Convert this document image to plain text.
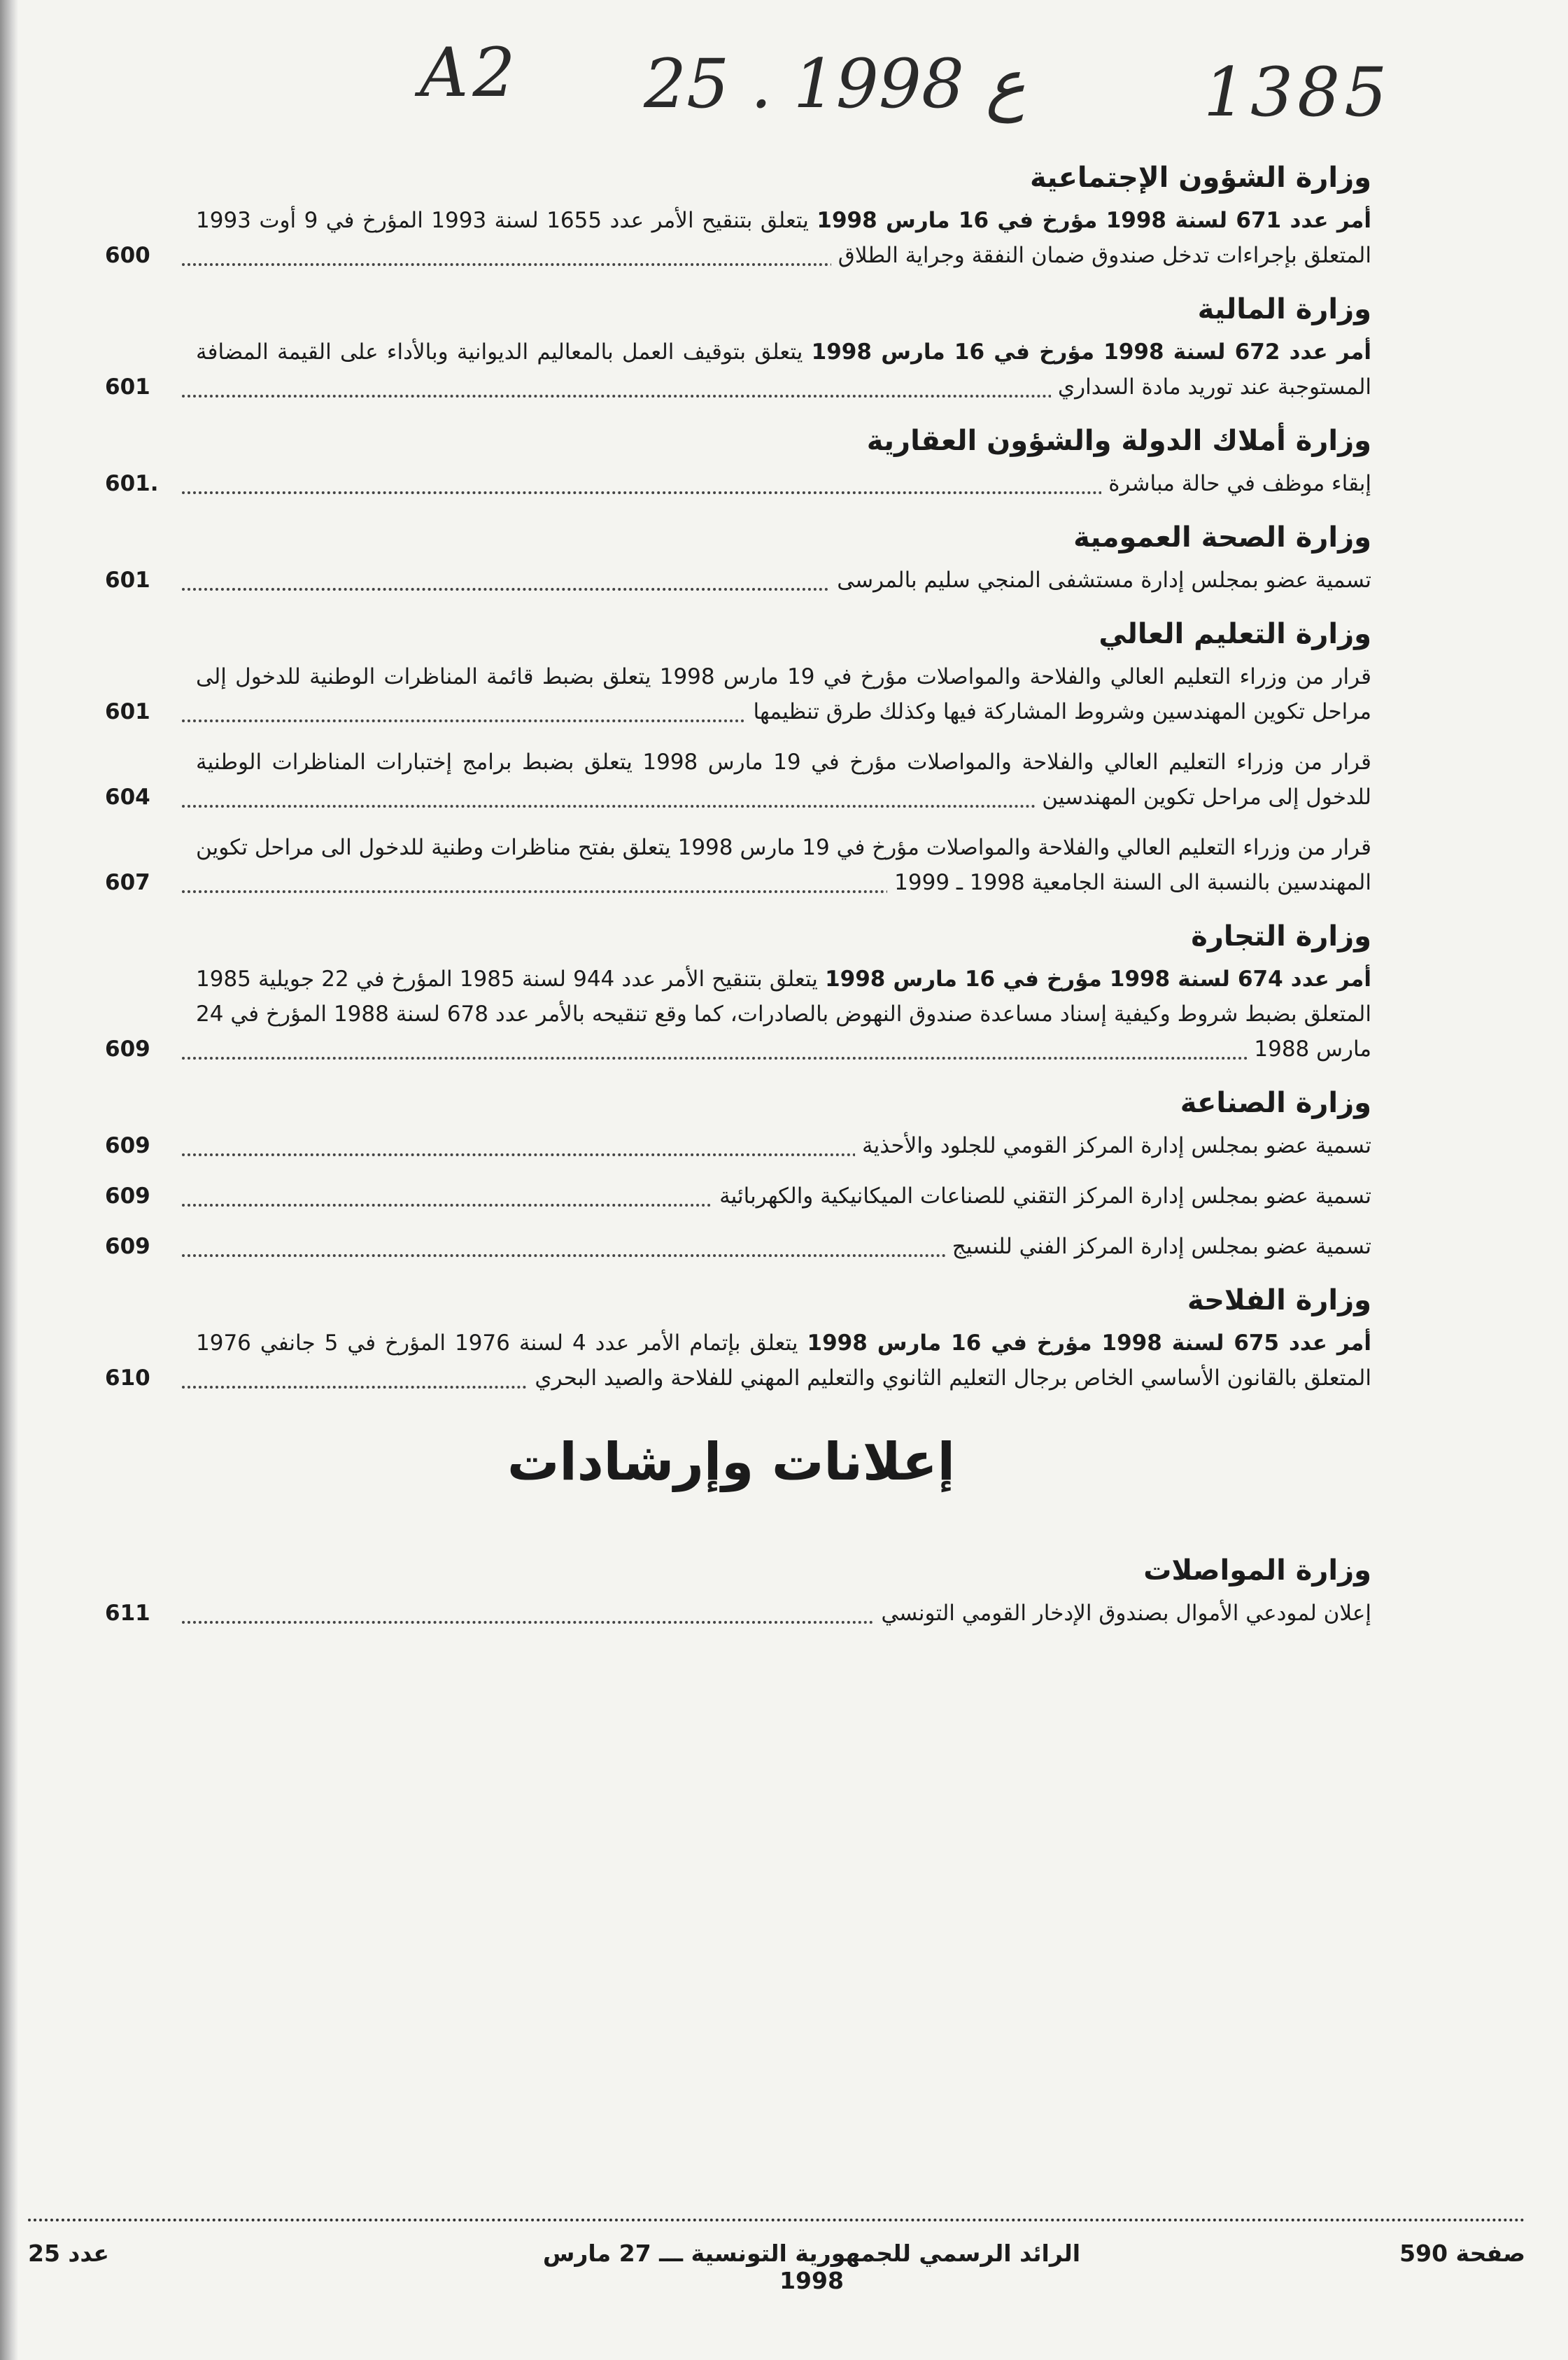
A2 25 . ع 1998	1385
وزارة الشؤون الإجتماعية
أمر عدد 671 لسنة 1998 مؤرخ في 16 مارس 1998 يتعلق بتنقيح الأمر عدد 1655 لسنة 1993 المؤرخ في 9 أوت 1993 المتعلق بإجراءات تدخل صندوق ضمان النفقة وجراية الطلاق
600
وزارة المالية
أمر عدد 672 لسنة 1998 مؤرخ في 16 مارس 1998 يتعلق بتوقيف العمل بالمعاليم الديوانية وبالأداء على القيمة المضافة المستوجبة عند توريد مادة السداري
601
وزارة أملاك الدولة والشؤون العقارية
إبقاء موظف في حالة مباشرة
601.
وزارة الصحة العمومية
تسمية عضو بمجلس إدارة مستشفى المنجي سليم بالمرسى
601
وزارة التعليم العالي
قرار من وزراء التعليم العالي والفلاحة والمواصلات مؤرخ في 19 مارس 1998 يتعلق بضبط قائمة المناظرات الوطنية للدخول إلى مراحل تكوين المهندسين وشروط المشاركة فيها وكذلك طرق تنظيمها
601
قرار من وزراء التعليم العالي والفلاحة والمواصلات مؤرخ في 19 مارس 1998 يتعلق بضبط برامج إختبارات المناظرات الوطنية للدخول إلى مراحل تكوين المهندسين
604
قرار من وزراء التعليم العالي والفلاحة والمواصلات مؤرخ في 19 مارس 1998 يتعلق بفتح مناظرات وطنية للدخول الى مراحل تكوين المهندسين بالنسبة الى السنة الجامعية 1998 ـ 1999
607
وزارة التجارة
أمر عدد 674 لسنة 1998 مؤرخ في 16 مارس 1998 يتعلق بتنقيح الأمر عدد 944 لسنة 1985 المؤرخ في 22 جويلية 1985 المتعلق بضبط شروط وكيفية إسناد مساعدة صندوق النهوض بالصادرات، كما وقع تنقيحه بالأمر عدد 678 لسنة 1988 المؤرخ في 24 مارس 1988
609
وزارة الصناعة
تسمية عضو بمجلس إدارة المركز القومي للجلود والأحذية
609
تسمية عضو بمجلس إدارة المركز التقني للصناعات الميكانيكية والكهربائية
609
تسمية عضو بمجلس إدارة المركز الفني للنسيج
609
وزارة الفلاحة
أمر عدد 675 لسنة 1998 مؤرخ في 16 مارس 1998 يتعلق بإتمام الأمر عدد 4 لسنة 1976 المؤرخ في 5 جانفي 1976 المتعلق بالقانون الأساسي الخاص برجال التعليم الثانوي والتعليم المهني للفلاحة والصيد البحري
610
إعلانات وإرشادات
وزارة المواصلات
إعلان لمودعي الأموال بصندوق الإدخار القومي التونسي
611
صفحة 590
الرائد الرسمي للجمهورية التونسية ـــ 27 مارس 1998
عدد 25
